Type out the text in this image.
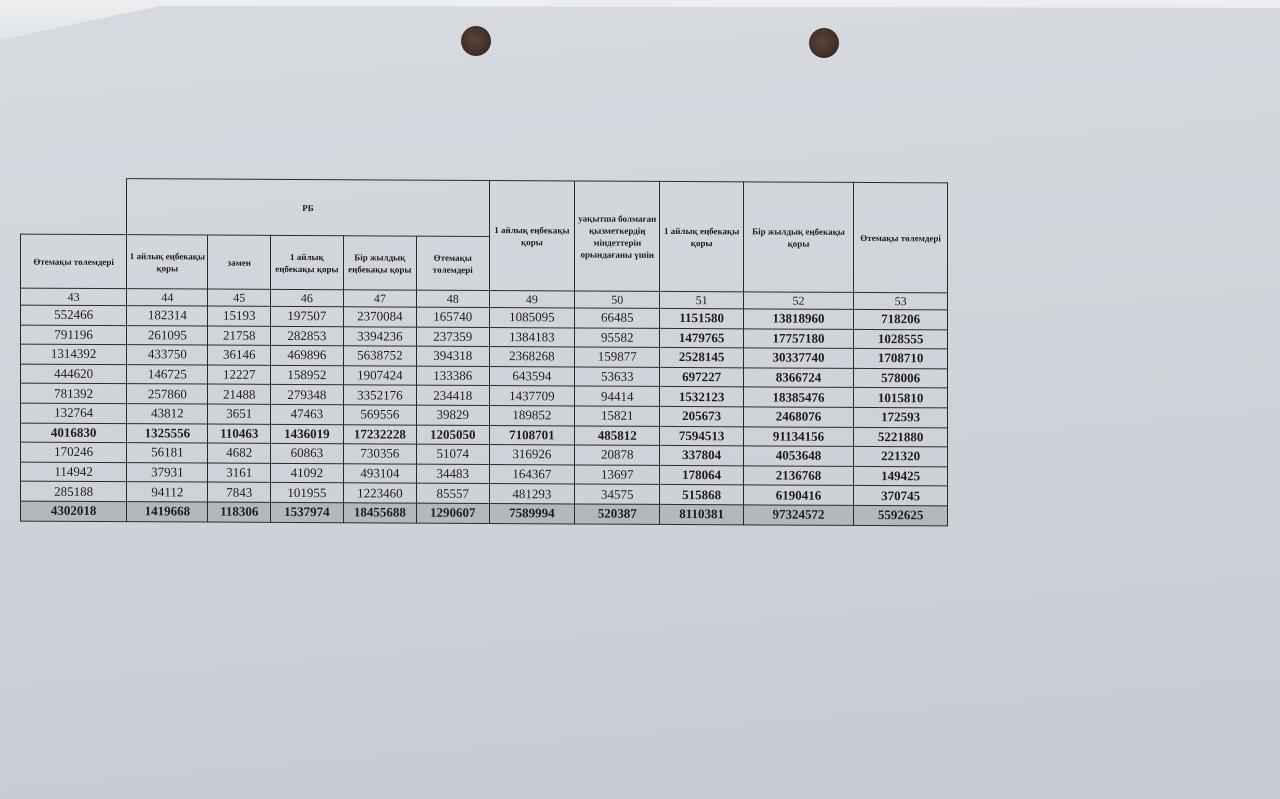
	РБ					1 айлық еңбекақы қоры	уақытша болмаған қызметкердің міндеттерін орындағаны үшін	1 айлық еңбекақы қоры	Бір жылдық еңбекақы қоры	Өтемақы төлемдері
Өтемақы төлемдері	1 айлық еңбекақы қоры	замен	1 айлық еңбекақы қоры	Бір жылдық еңбекақы қоры	Өтемақы төлемдері					
43	44	45	46	47	48	49	50	51	52	53
552466	182314	15193	197507	2370084	165740	1085095	66485	1151580	13818960	718206
791196	261095	21758	282853	3394236	237359	1384183	95582	1479765	17757180	1028555
1314392	433750	36146	469896	5638752	394318	2368268	159877	2528145	30337740	1708710
444620	146725	12227	158952	1907424	133386	643594	53633	697227	8366724	578006
781392	257860	21488	279348	3352176	234418	1437709	94414	1532123	18385476	1015810
132764	43812	3651	47463	569556	39829	189852	15821	205673	2468076	172593
4016830	1325556	110463	1436019	17232228	1205050	7108701	485812	7594513	91134156	5221880
170246	56181	4682	60863	730356	51074	316926	20878	337804	4053648	221320
114942	37931	3161	41092	493104	34483	164367	13697	178064	2136768	149425
285188	94112	7843	101955	1223460	85557	481293	34575	515868	6190416	370745
4302018	1419668	118306	1537974	18455688	1290607	7589994	520387	8110381	97324572	5592625
